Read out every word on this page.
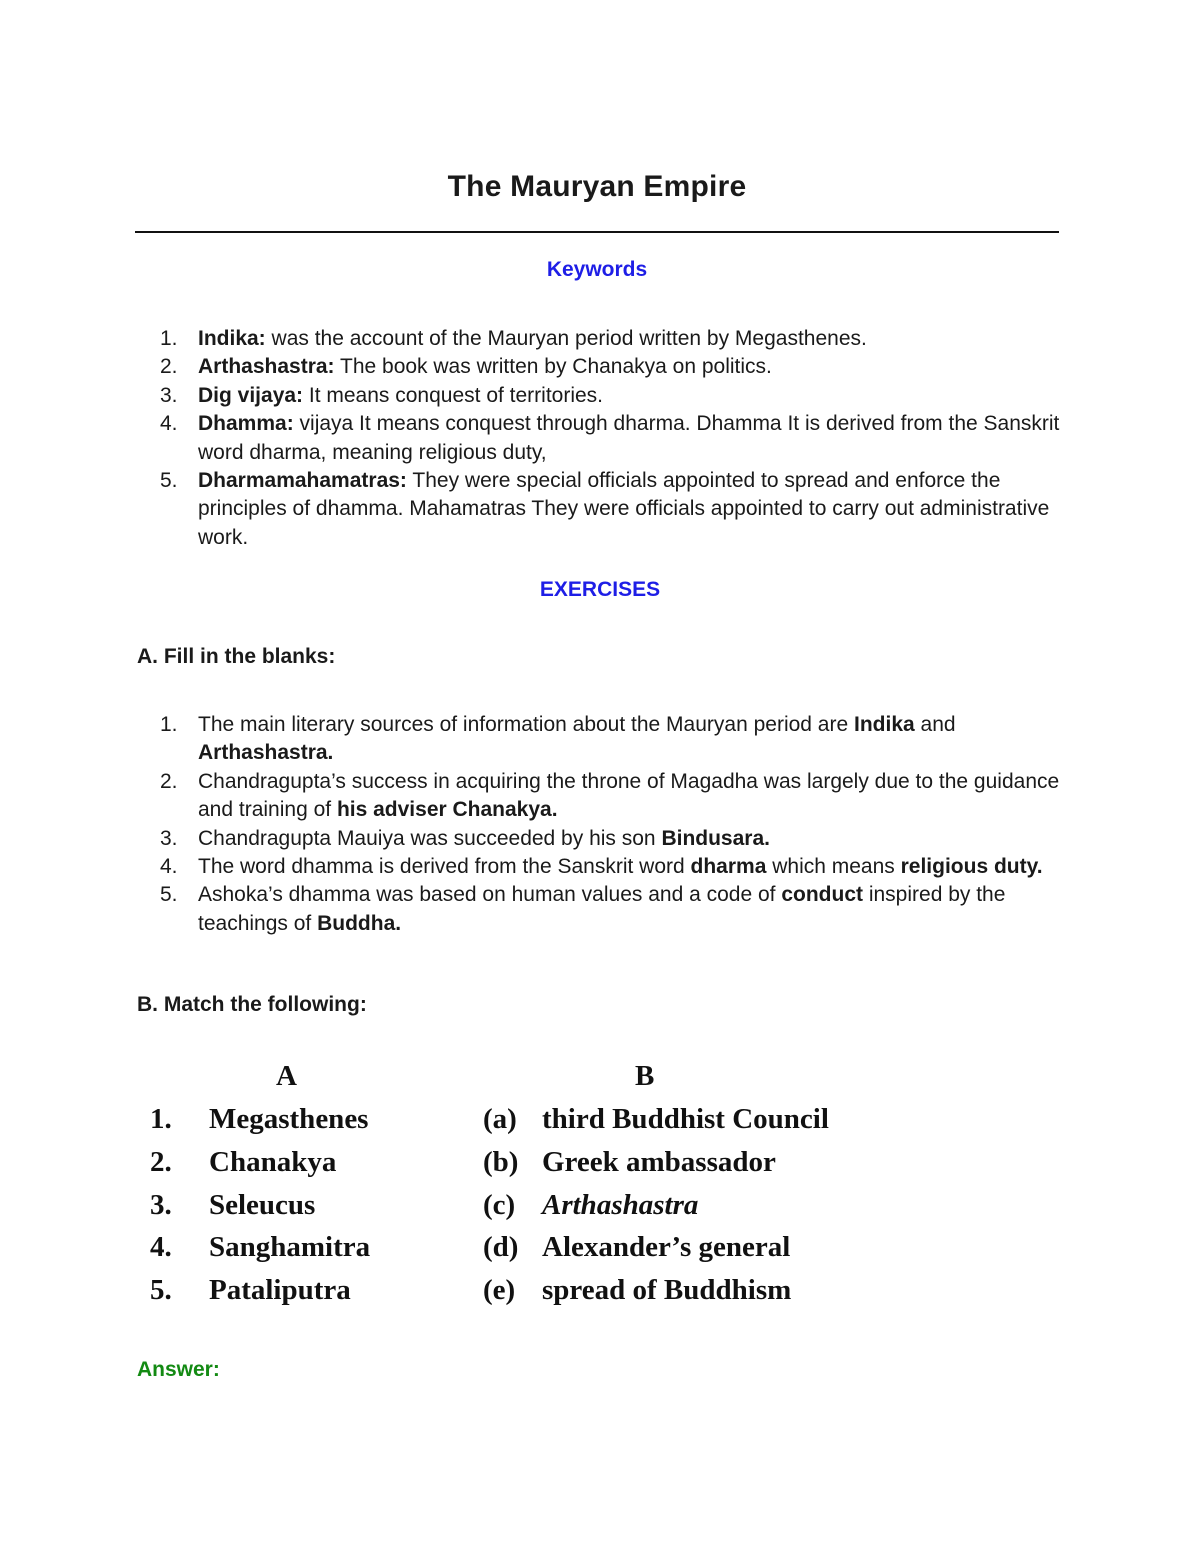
The Mauryan Empire
Keywords
1. Indika: was the account of the Mauryan period written by Megasthenes.
2. Arthashastra: The book was written by Chanakya on politics.
3. Dig vijaya: It means conquest of territories.
4. Dhamma: vijaya It means conquest through dharma. Dhamma It is derived from the Sanskrit word dharma, meaning religious duty,
5. Dharmamahamatras: They were special officials appointed to spread and enforce the principles of dhamma. Mahamatras They were officials appointed to carry out administrative work.
EXERCISES
A. Fill in the blanks:
1. The main literary sources of information about the Mauryan period are Indika and Arthashastra.
2. Chandragupta’s success in acquiring the throne of Magadha was largely due to the guidance and training of his adviser Chanakya.
3. Chandragupta Mauiya was succeeded by his son Bindusara.
4. The word dhamma is derived from the Sanskrit word dharma which means religious duty.
5. Ashoka’s dhamma was based on human values and a code of conduct inspired by the teachings of Buddha.
B. Match the following:
A	B
1. Megasthenes	(a) third Buddhist Council
2. Chanakya	(b) Greek ambassador
3. Seleucus	(c) Arthashastra
4. Sanghamitra	(d) Alexander’s general
5. Pataliputra	(e) spread of Buddhism
Answer:
